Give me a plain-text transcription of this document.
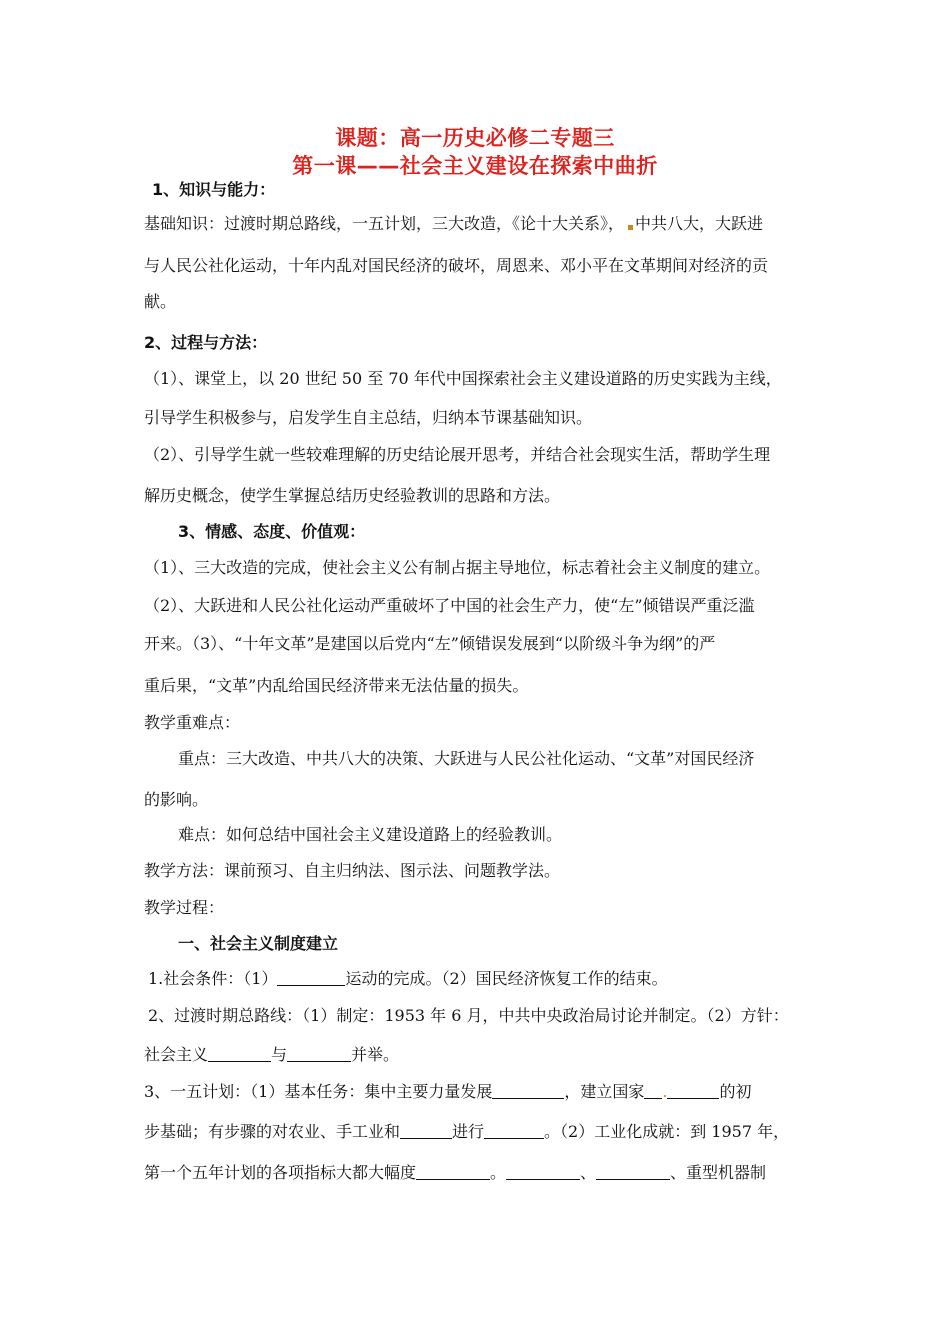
课题：高一历史必修二专题三
第一课——社会主义建设在探索中曲折
1、知识与能力：
基础知识：过渡时期总路线，一五计划，三大改造，《论十大关系》， 中共八大，大跃进
与人民公社化运动，十年内乱对国民经济的破坏，周恩来、邓小平在文革期间对经济的贡
献。
2、过程与方法：
（1）、课堂上，以 20 世纪 50 至 70 年代中国探索社会主义建设道路的历史实践为主线，
引导学生积极参与，启发学生自主总结，归纳本节课基础知识。
（2）、引导学生就一些较难理解的历史结论展开思考，并结合社会现实生活，帮助学生理
解历史概念，使学生掌握总结历史经验教训的思路和方法。
3、情感、态度、价值观：
（1）、三大改造的完成，使社会主义公有制占据主导地位，标志着社会主义制度的建立。
（2）、大跃进和人民公社化运动严重破坏了中国的社会生产力，使“左”倾错误严重泛滥
开来。（3）、“十年文革”是建国以后党内“左”倾错误发展到“以阶级斗争为纲”的严
重后果，“文革”内乱给国民经济带来无法估量的损失。
教学重难点：
重点：三大改造、中共八大的决策、大跃进与人民公社化运动、“文革”对国民经济
的影响。
难点：如何总结中国社会主义建设道路上的经验教训。
教学方法：课前预习、自主归纳法、图示法、问题教学法。
教学过程：
一、社会主义制度建立
1.社会条件：（1）	运动的完成。（2）国民经济恢复工作的结束。
2、过渡时期总路线：（1）制定：1953 年 6 月，中共中央政治局讨论并制定。（2）方针：
社会主义	与	并举。
3、一五计划：（1）基本任务：集中主要力量发展	，建立国家 .	的初
步基础；有步骤的对农业、手工业和	进行	。（2）工业化成就：到 1957 年，
第一个五年计划的各项指标大都大幅度	。	、	、重型机器制
